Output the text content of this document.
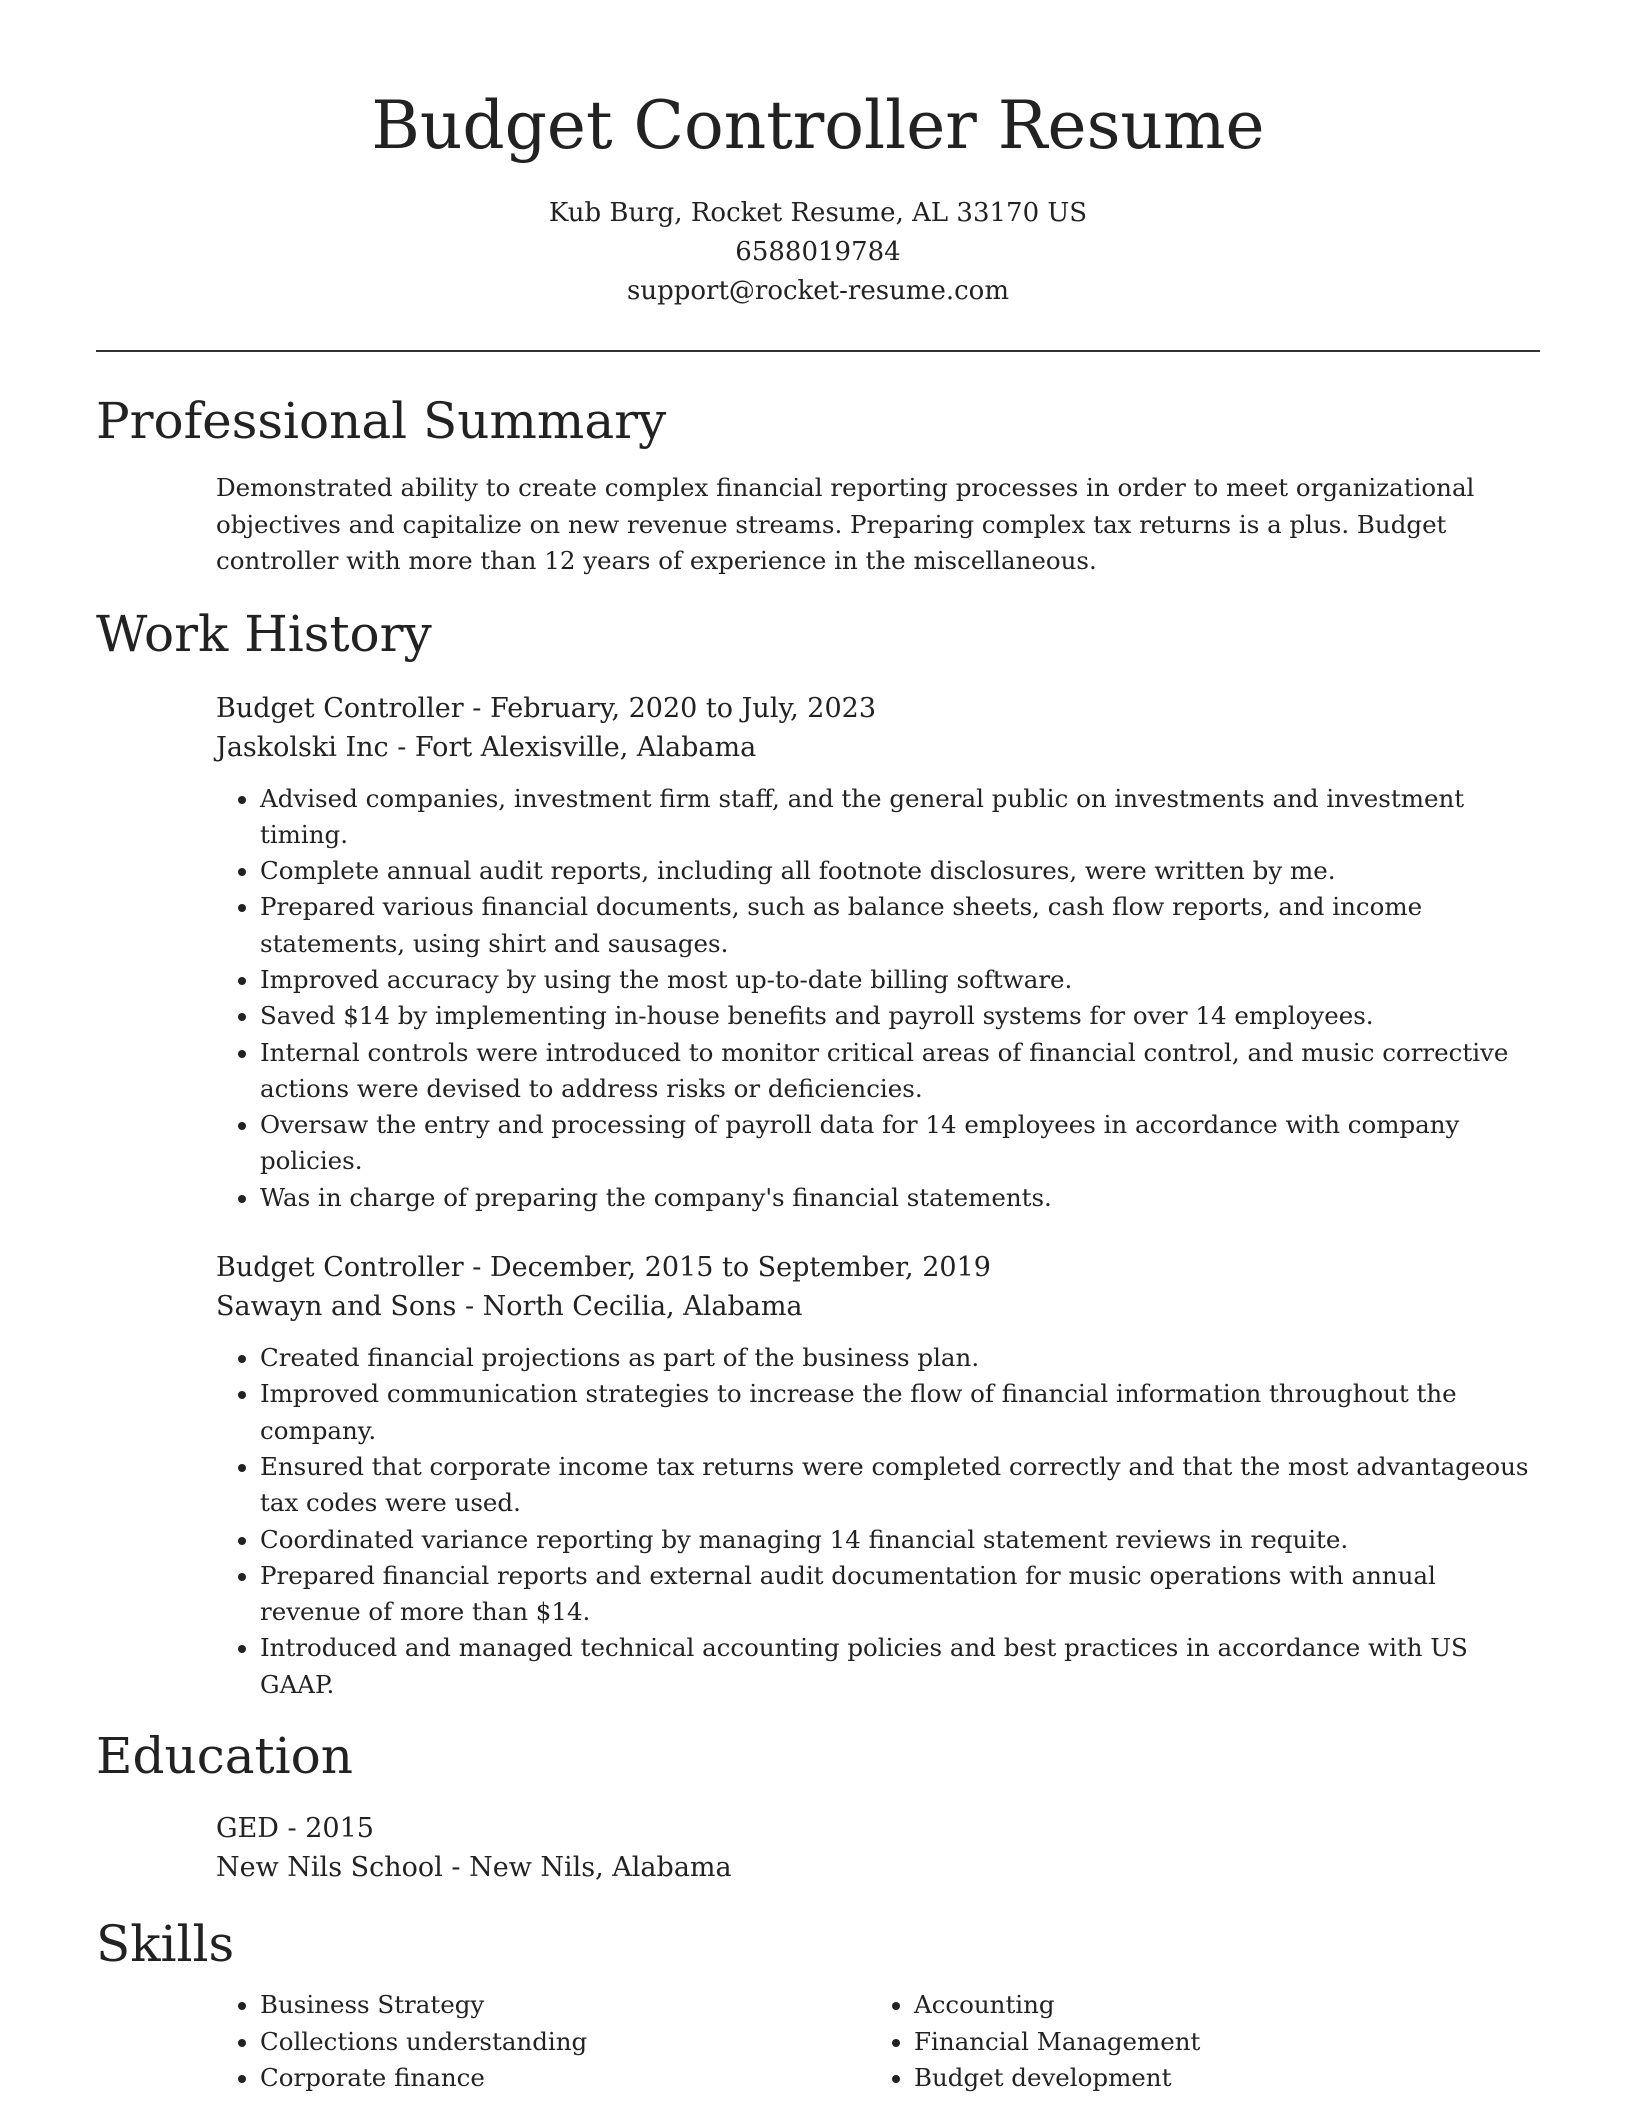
Budget Controller Resume
Kub Burg, Rocket Resume, AL 33170 US
6588019784
support@rocket-resume.com
Professional Summary
Demonstrated ability to create complex financial reporting processes in order to meet organizational objectives and capitalize on new revenue streams. Preparing complex tax returns is a plus. Budget controller with more than 12 years of experience in the miscellaneous.
Work History
Budget Controller - February, 2020 to July, 2023
Jaskolski Inc - Fort Alexisville, Alabama
• Advised companies, investment firm staff, and the general public on investments and investment timing.
• Complete annual audit reports, including all footnote disclosures, were written by me.
• Prepared various financial documents, such as balance sheets, cash flow reports, and income statements, using shirt and sausages.
• Improved accuracy by using the most up-to-date billing software.
• Saved $14 by implementing in-house benefits and payroll systems for over 14 employees.
• Internal controls were introduced to monitor critical areas of financial control, and music corrective actions were devised to address risks or deficiencies.
• Oversaw the entry and processing of payroll data for 14 employees in accordance with company policies.
• Was in charge of preparing the company's financial statements.
Budget Controller - December, 2015 to September, 2019
Sawayn and Sons - North Cecilia, Alabama
• Created financial projections as part of the business plan.
• Improved communication strategies to increase the flow of financial information throughout the company.
• Ensured that corporate income tax returns were completed correctly and that the most advantageous tax codes were used.
• Coordinated variance reporting by managing 14 financial statement reviews in requite.
• Prepared financial reports and external audit documentation for music operations with annual revenue of more than $14.
• Introduced and managed technical accounting policies and best practices in accordance with US GAAP.
Education
GED - 2015
New Nils School - New Nils, Alabama
Skills
• Business Strategy
• Collections understanding
• Corporate finance
• Accounting
• Financial Management
• Budget development
